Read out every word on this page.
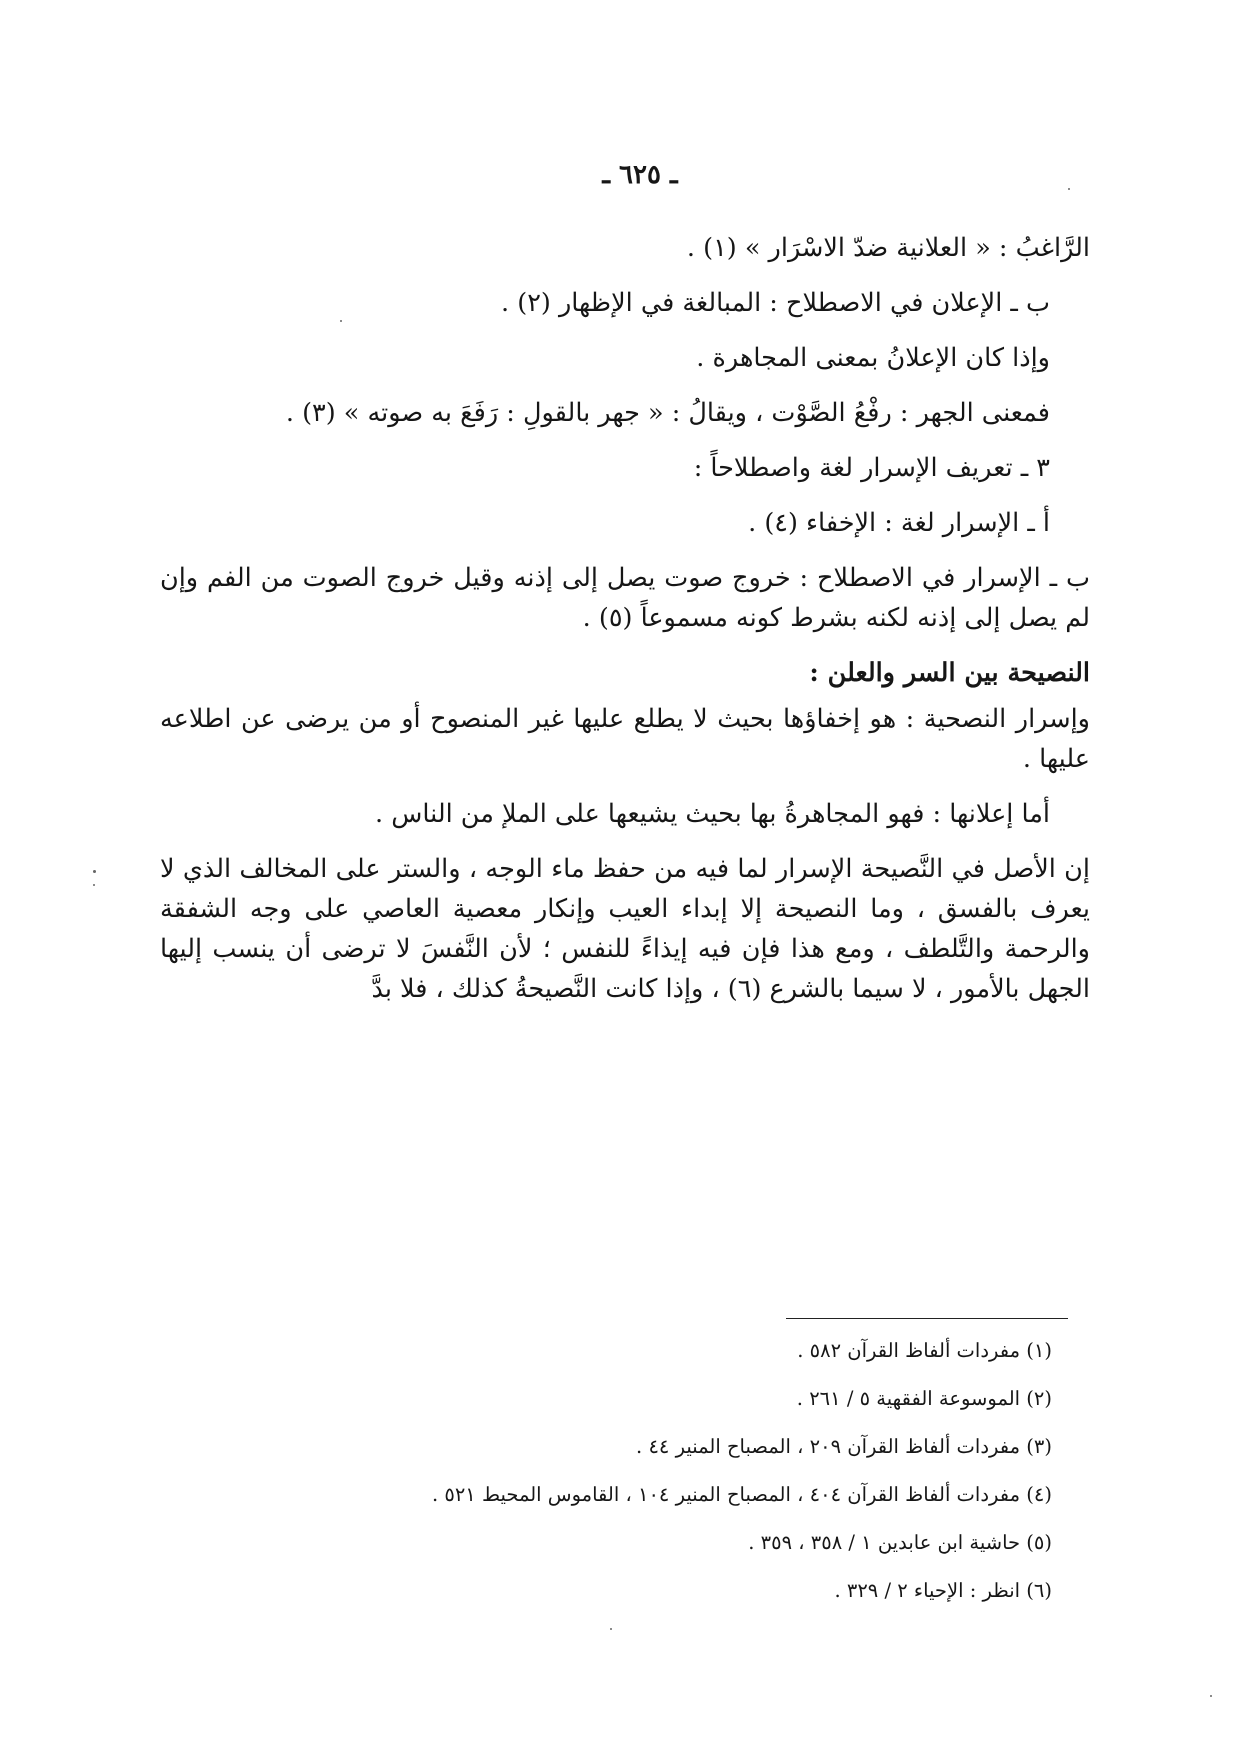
ـ ٦٢٥ ـ

الرَّاغبُ : « العلانية ضدّ الاسْرَار » (١) .

ب ـ الإعلان في الاصطلاح : المبالغة في الإظهار (٢) .

وإذا كان الإعلانُ بمعنى المجاهرة .

فمعنى الجهر : رفْعُ الصَّوْت ، ويقالُ : « جهر بالقولِ : رَفَعَ به صوته » (٣) .

٣ ـ تعريف الإسرار لغة واصطلاحاً :

أ ـ الإسرار لغة : الإخفاء (٤) .

ب ـ الإسرار في الاصطلاح : خروج صوت يصل إلى إذنه وقيل خروج الصوت من الفم وإن لم يصل إلى إذنه لكنه بشرط كونه مسموعاً (٥) .

النصيحة بين السر والعلن :

وإسرار النصحية : هو إخفاؤها بحيث لا يطلع عليها غير المنصوح أو من يرضى عن اطلاعه عليها .

أما إعلانها : فهو المجاهرةُ بها بحيث يشيعها على الملإ من الناس .

إن الأصل في النَّصيحة الإسرار لما فيه من حفظ ماء الوجه ، والستر على المخالف الذي لا يعرف بالفسق ، وما النصيحة إلا إبداء العيب وإنكار معصية العاصي على وجه الشفقة والرحمة والتَّلطف ، ومع هذا فإن فيه إيذاءً للنفس ؛ لأن النَّفسَ لا ترضى أن ينسب إليها الجهل بالأمور ، لا سيما بالشرع (٦) ، وإذا كانت النَّصيحةُ كذلك ، فلا بدَّ

(١) مفردات ألفاظ القرآن ٥٨٢ .

(٢) الموسوعة الفقهية ٥ / ٢٦١ .

(٣) مفردات ألفاظ القرآن ٢٠٩ ، المصباح المنير ٤٤ .

(٤) مفردات ألفاظ القرآن ٤٠٤ ، المصباح المنير ١٠٤ ، القاموس المحيط ٥٢١ .

(٥) حاشية ابن عابدين ١ / ٣٥٨ ، ٣٥٩ .

(٦) انظر : الإحياء ٢ / ٣٢٩ .
